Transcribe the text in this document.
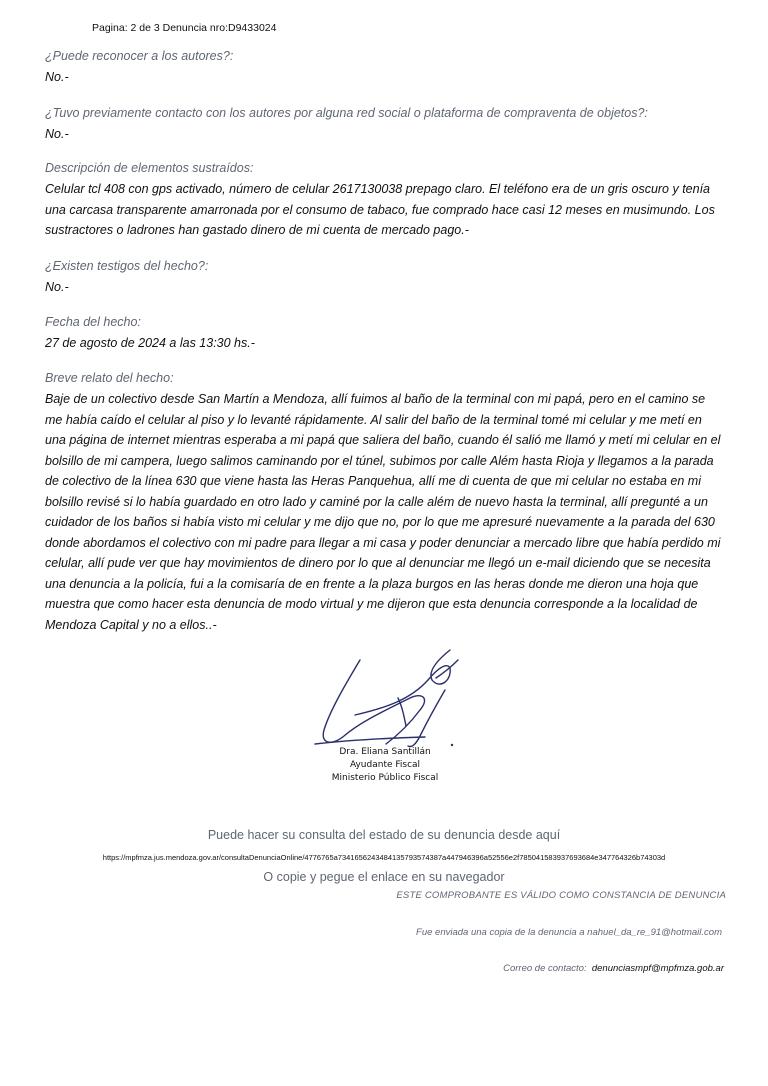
Pagina: 2 de 3 Denuncia nro:D9433024
¿Puede reconocer a los autores?:
No.-
¿Tuvo previamente contacto con los autores por alguna red social o plataforma de compraventa de objetos?:
No.-
Descripción de elementos sustraídos:
Celular tcl 408 con gps activado, número de celular 2617130038 prepago claro. El teléfono era de un gris oscuro y tenía una carcasa transparente amarronada por el consumo de tabaco, fue comprado hace casi 12 meses en musimundo. Los sustractores o ladrones han gastado dinero de mi cuenta de mercado pago.-
¿Existen testigos del hecho?:
No.-
Fecha del hecho:
27 de agosto de 2024 a las 13:30 hs.-
Breve relato del hecho:
Baje de un colectivo desde San Martín a Mendoza, allí fuimos al baño de la terminal con mi papá, pero en el camino se me había caído el celular al piso y lo levanté rápidamente. Al salir del baño de la terminal tomé mi celular y me metí en una página de internet mientras esperaba a mi papá que saliera del baño, cuando él salió me llamó y metí mi celular en el bolsillo de mi campera, luego salimos caminando por el túnel, subimos por calle Além hasta Rioja y llegamos a la parada de colectivo de la línea 630 que viene hasta las Heras Panquehua, allí me di cuenta de que mi celular no estaba en mi bolsillo revisé si lo había guardado en otro lado y caminé por la calle além de nuevo hasta la terminal, allí pregunté a un cuidador de los baños si había visto mi celular y me dijo que no, por lo que me apresuré nuevamente a la parada del 630 donde abordamos el colectivo con mi padre para llegar a mi casa y poder denunciar a mercado libre que había perdido mi celular, allí pude ver que hay movimientos de dinero por lo que al denunciar me llegó un e-mail diciendo que se necesita una denuncia a la policía, fui a la comisaría de en frente a la plaza burgos en las heras donde me dieron una hoja que muestra que como hacer esta denuncia de modo virtual y me dijeron que esta denuncia corresponde a la localidad de Mendoza Capital y no a ellos..-
Dra. Eliana Santillán
Ayudante Fiscal
Ministerio Público Fiscal
Puede hacer su consulta del estado de su denuncia desde aquí
https://mpfmza.jus.mendoza.gov.ar/consultaDenunciaOnline/4776765a7341656243484135793574387a447946396a52556e2f785041583937693684e347764326b74303d
O copie y pegue el enlace en su navegador
ESTE COMPROBANTE ES VÁLIDO COMO CONSTANCIA DE DENUNCIA
Fue enviada una copia de la denuncia a nahuel_da_re_91@hotmail.com
Correo de contacto: denunciasmpf@mpfmza.gob.ar
